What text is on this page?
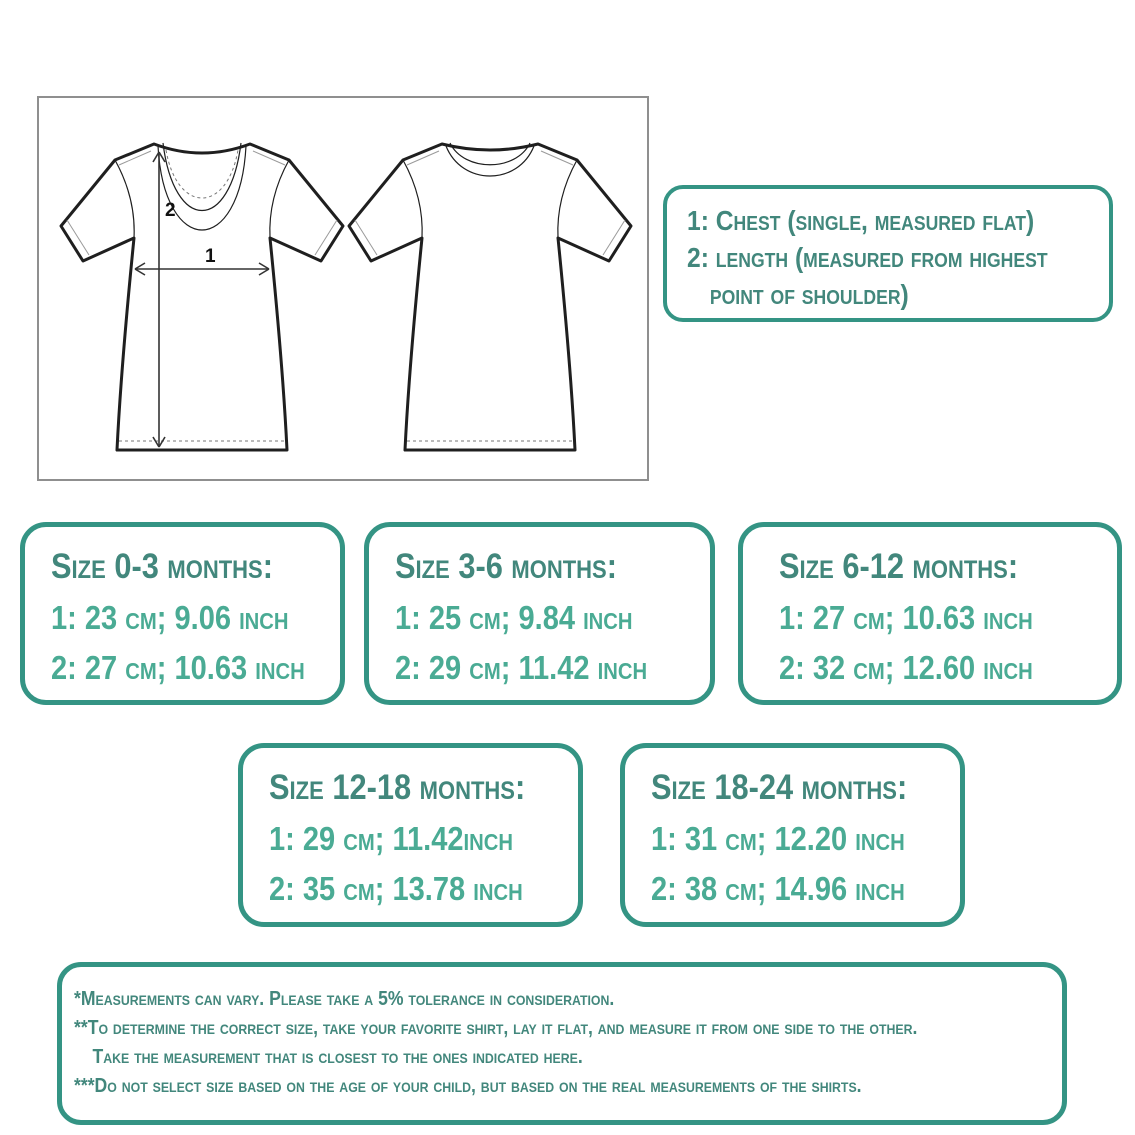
2
1
1: Chest (single, measured flat)
2: length (measured from highest
point of shoulder)
Size 0-3 months:
1: 23 cm; 9.06 inch
2: 27 cm; 10.63 inch
Size 3-6 months:
1: 25 cm; 9.84 inch
2: 29 cm; 11.42 inch
Size 6-12 months:
1: 27 cm; 10.63 inch
2: 32 cm; 12.60 inch
Size 12-18 months:
1: 29 cm; 11.42inch
2: 35 cm; 13.78 inch
Size 18-24 months:
1: 31 cm; 12.20 inch
2: 38 cm; 14.96 inch
*Measurements can vary. Please take a 5% tolerance in consideration.
**To determine the correct size, take your favorite shirt, lay it flat, and measure it from one side to the other.
Take the measurement that is closest to the ones indicated here.
***Do not select size based on the age of your child, but based on the real measurements of the shirts.
